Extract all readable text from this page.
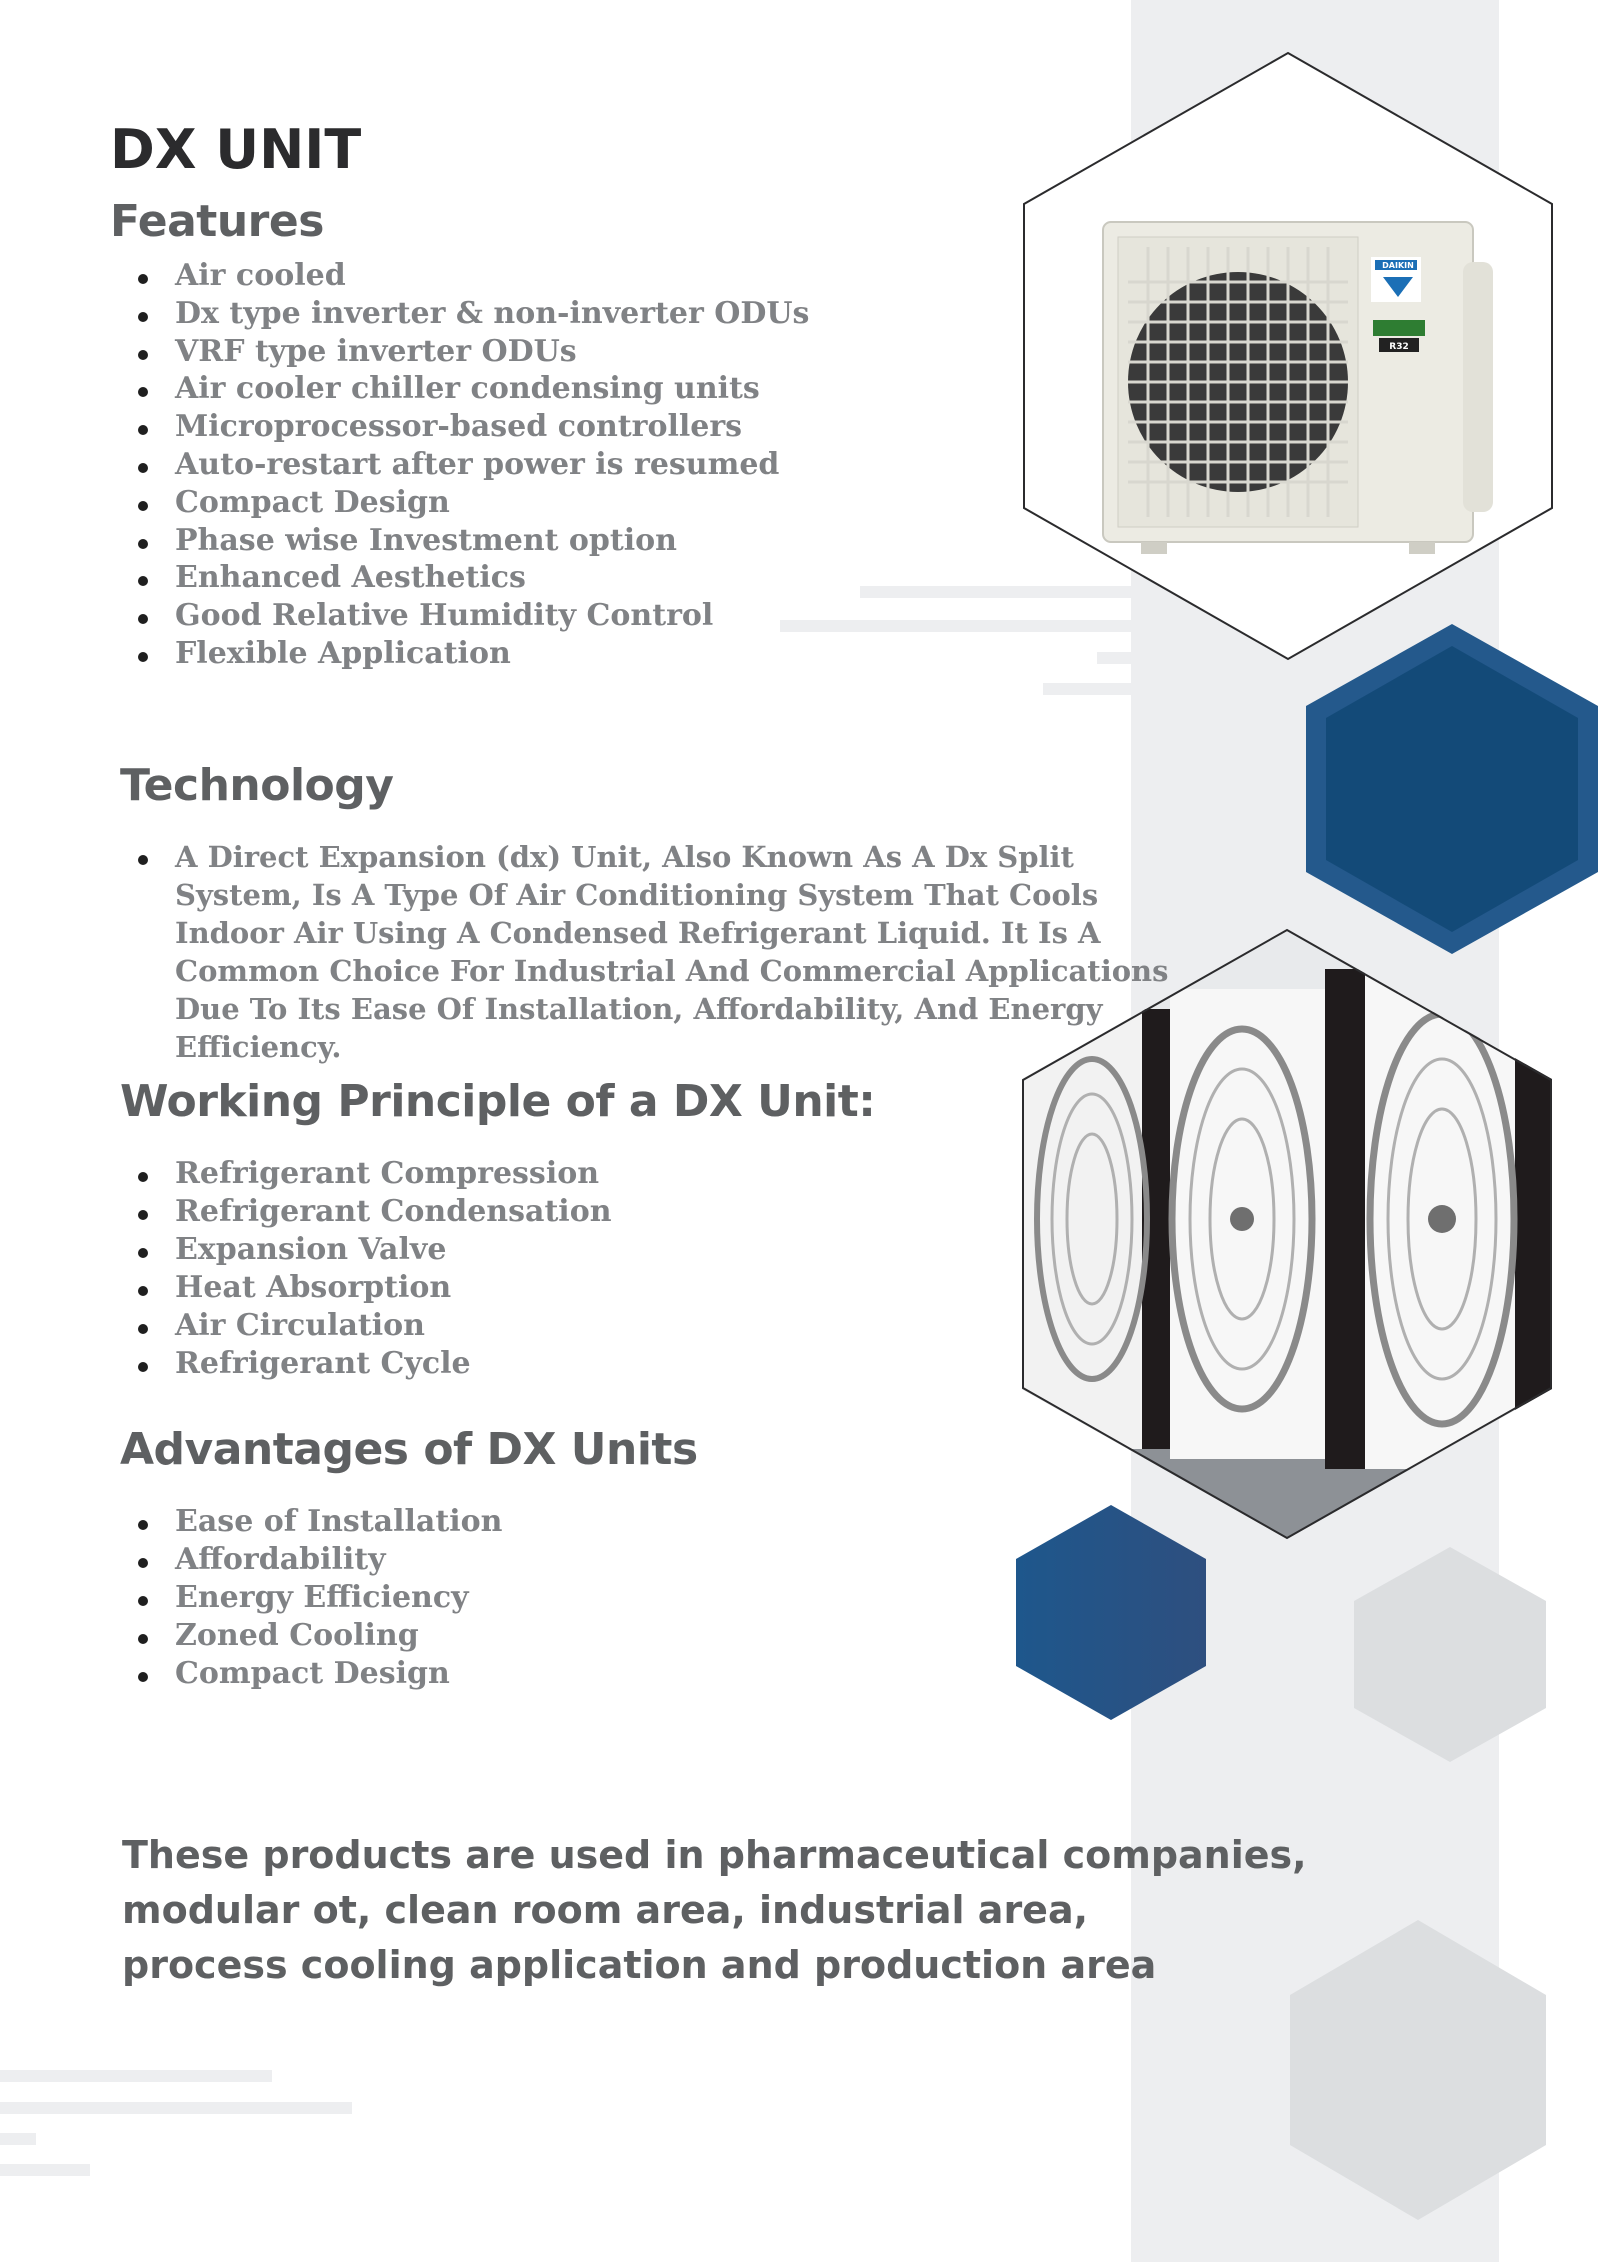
R32
DAIKIN
DX UNIT
Features
Air cooled
Dx type inverter & non-inverter ODUs
VRF type inverter ODUs
Air cooler chiller condensing units
Microprocessor-based controllers
Auto-restart after power is resumed
Compact Design
Phase wise Investment option
Enhanced Aesthetics
Good Relative Humidity Control
Flexible Application
Technology

A Direct Expansion (dx) Unit, Also Known As A Dx Split System, Is A Type Of Air Conditioning System That Cools Indoor Air Using A Condensed Refrigerant Liquid. It Is A Common Choice For Industrial And Commercial Applications Due To Its Ease Of Installation, Affordability, And Energy Efficiency.

Working Principle of a DX Unit:
Refrigerant Compression
Refrigerant Condensation
Expansion Valve
Heat Absorption
Air Circulation
Refrigerant Cycle
Advantages of DX Units
Ease of Installation
Affordability
Energy Efficiency
Zoned Cooling
Compact Design

These products are used in pharmaceutical companies,
modular ot, clean room area, industrial area,
process cooling application and production area
